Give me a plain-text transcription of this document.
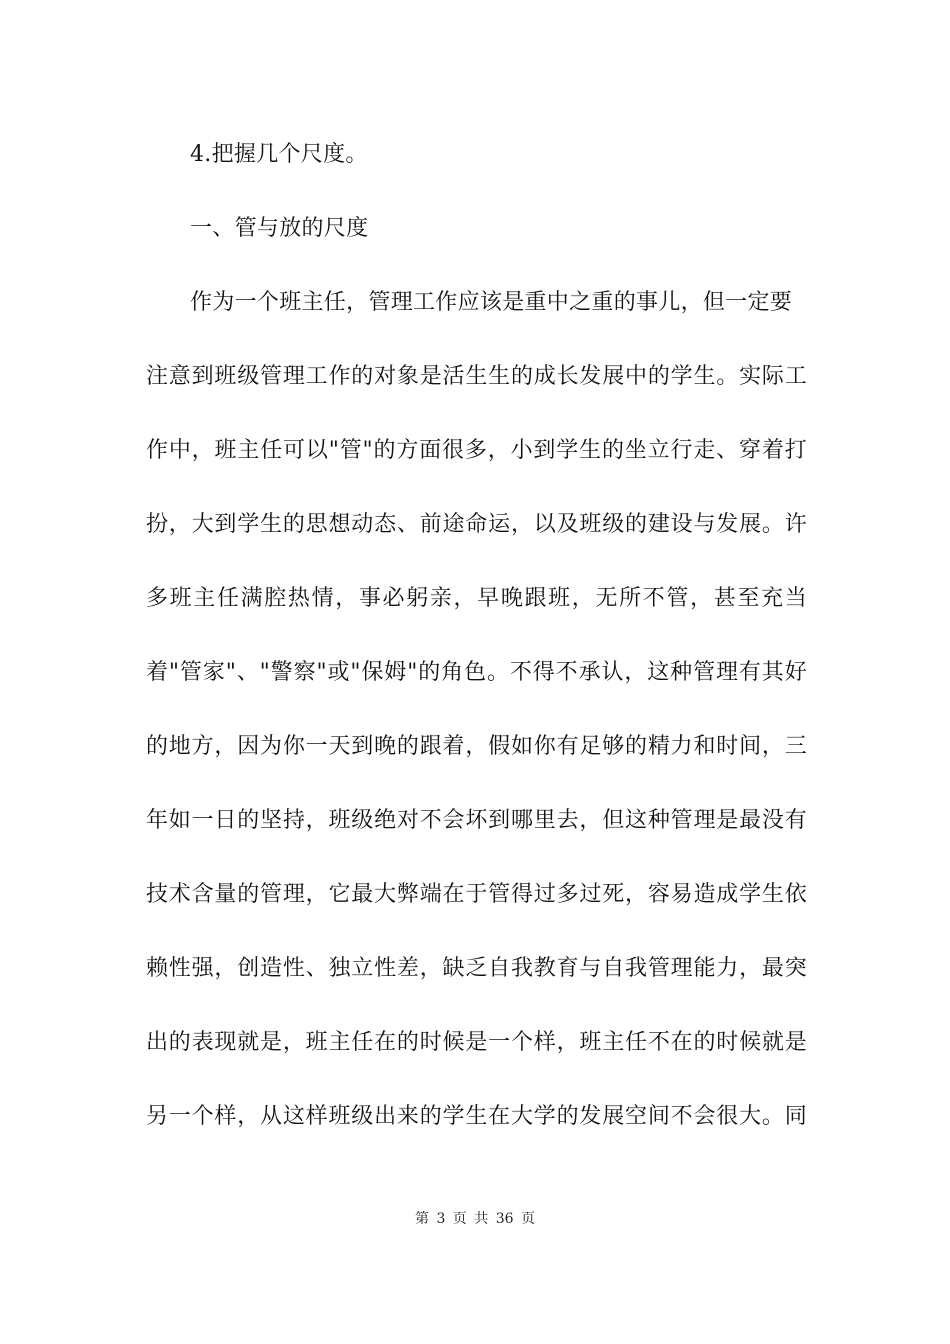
4.把握几个尺度。
一、管与放的尺度
作为一个班主任，管理工作应该是重中之重的事儿，但一定要
注意到班级管理工作的对象是活生生的成长发展中的学生。实际工
作中，班主任可以"管"的方面很多，小到学生的坐立行走、穿着打
扮，大到学生的思想动态、前途命运，以及班级的建设与发展。许
多班主任满腔热情，事必躬亲，早晚跟班，无所不管，甚至充当
着"管家"、"警察"或"保姆"的角色。不得不承认，这种管理有其好
的地方，因为你一天到晚的跟着，假如你有足够的精力和时间，三
年如一日的坚持，班级绝对不会坏到哪里去，但这种管理是最没有
技术含量的管理，它最大弊端在于管得过多过死，容易造成学生依
赖性强，创造性、独立性差，缺乏自我教育与自我管理能力，最突
出的表现就是，班主任在的时候是一个样，班主任不在的时候就是
另一个样，从这样班级出来的学生在大学的发展空间不会很大。同
第 3 页 共 36 页
